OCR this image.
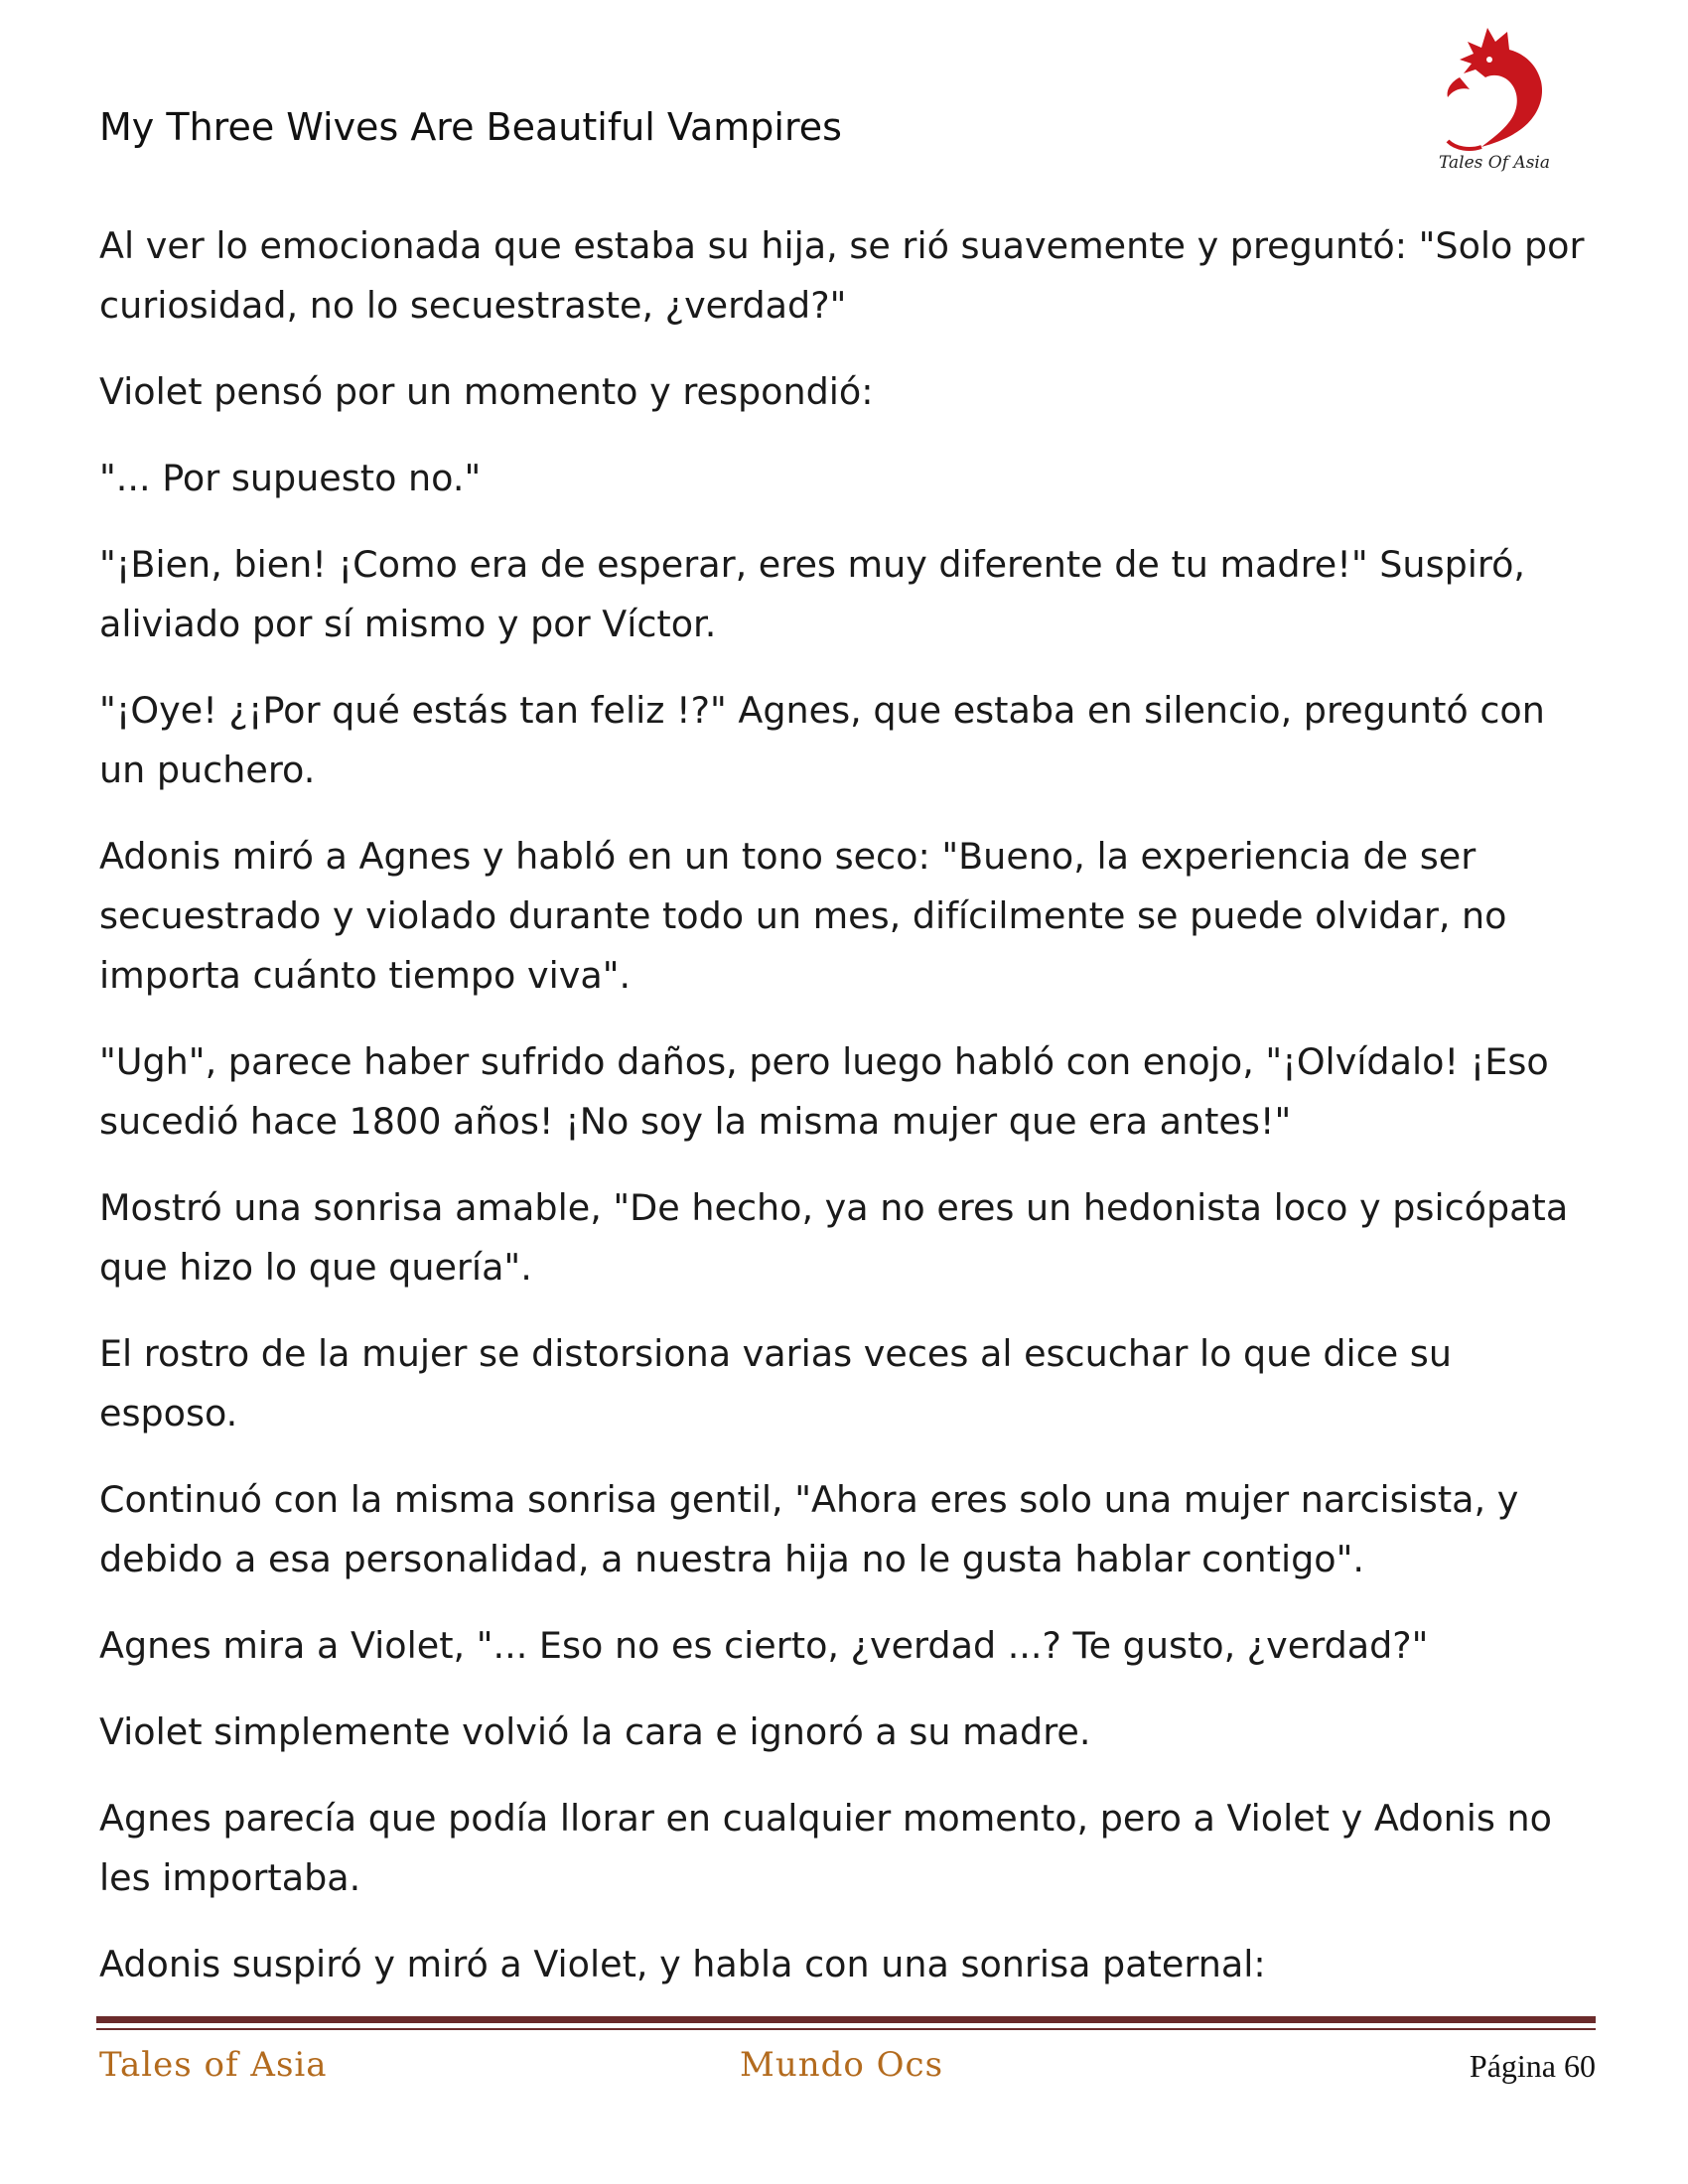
My Three Wives Are Beautiful Vampires
Tales Of Asia

Al ver lo emocionada que estaba su hija, se rió suavemente y preguntó: "Solo por curiosidad, no lo secuestraste, ¿verdad?"

Violet pensó por un momento y respondió:

"... Por supuesto no."

"¡Bien, bien! ¡Como era de esperar, eres muy diferente de tu madre!" Suspiró, aliviado por sí mismo y por Víctor.

"¡Oye! ¿¡Por qué estás tan feliz !?" Agnes, que estaba en silencio, preguntó con un puchero.

Adonis miró a Agnes y habló en un tono seco: "Bueno, la experiencia de ser secuestrado y violado durante todo un mes, difícilmente se puede olvidar, no importa cuánto tiempo viva".

"Ugh", parece haber sufrido daños, pero luego habló con enojo, "¡Olvídalo! ¡Eso sucedió hace 1800 años! ¡No soy la misma mujer que era antes!"

Mostró una sonrisa amable, "De hecho, ya no eres un hedonista loco y psicópata que hizo lo que quería".

El rostro de la mujer se distorsiona varias veces al escuchar lo que dice su esposo.

Continuó con la misma sonrisa gentil, "Ahora eres solo una mujer narcisista, y debido a esa personalidad, a nuestra hija no le gusta hablar contigo".

Agnes mira a Violet, "... Eso no es cierto, ¿verdad ...? Te gusto, ¿verdad?"

Violet simplemente volvió la cara e ignoró a su madre.

Agnes parecía que podía llorar en cualquier momento, pero a Violet y Adonis no les importaba.

Adonis suspiró y miró a Violet, y habla con una sonrisa paternal:

Tales of Asia	Mundo Ocs	Página 60
